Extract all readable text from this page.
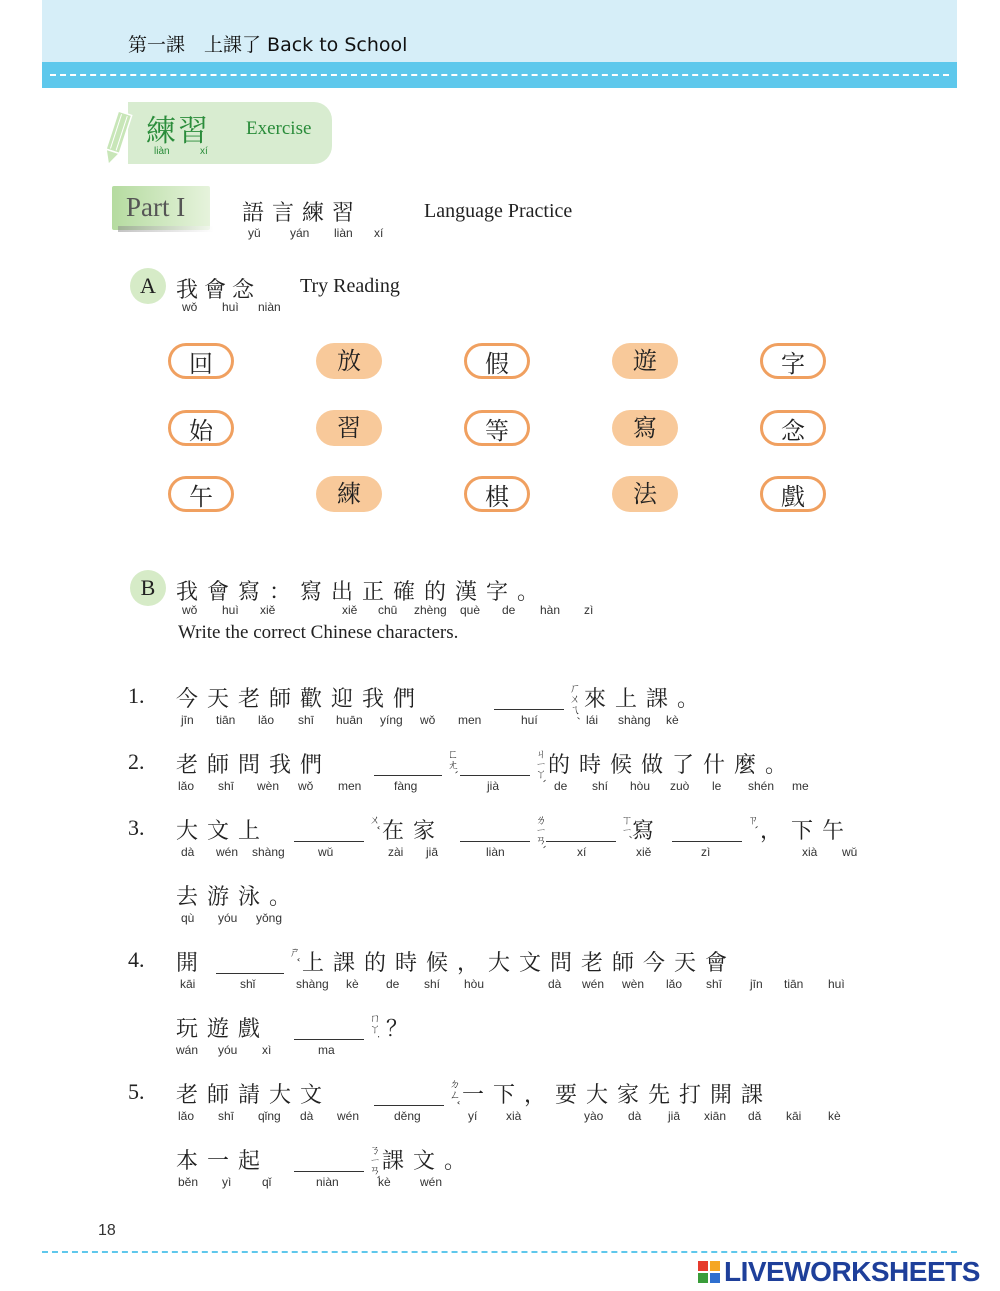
第一課　上課了 Back to School
練習 Exercise
liàn	xí
Part I	語言練習	Language Practice
yǔ yán liàn xí
A 我會念 Try Reading
wǒ huì niàn
回	放	假	遊	字
始	習	等	寫	念
午	練	棋	法	戲
B 我會寫：寫出正確的漢字。
wǒ huì xiě	xiě chū zhèng què de hàn zì
Write the correct Chinese characters.
1. 今天老師歡迎我們	ㄏㄨㄟˊ 來上課。
jīn tiān lǎo shī huān yíng wǒ men	huí	lái shàng kè
2. 老師問我們	ㄈㄤˋ	ㄐㄧㄚˋ 的時候做了什麼。
lǎo shī wèn wǒ men	fàng	jià	de shí hòu zuò le shén me
3. 大文上	ㄨˇ 在家	ㄌㄧㄢˋ	ㄒㄧˊ 寫	ㄗˋ ，下午
dà wén shàng	wǔ	zài jiā	liàn	xí	xiě	zì	xià wǔ
去游泳。
qù yóu yǒng
4. 開	ㄕˇ 上課的時候，大文問老師今天會
kāi	shǐ	shàng kè de shí hòu	dà wén wèn lǎo shī jīn tiān huì
玩遊戲	ㄇㄚ˙ ？
wán yóu xì	ma
5. 老師請大文	ㄉㄥˇ 一下，要大家先打開課
lǎo shī qǐng dà wén	děng	yí xià	yào dà jiā xiān dǎ kāi kè
本一起	ㄋㄧㄢˋ 課文。
běn yì	qǐ	niàn	kè wén
18
LIVEWORKSHEETS
